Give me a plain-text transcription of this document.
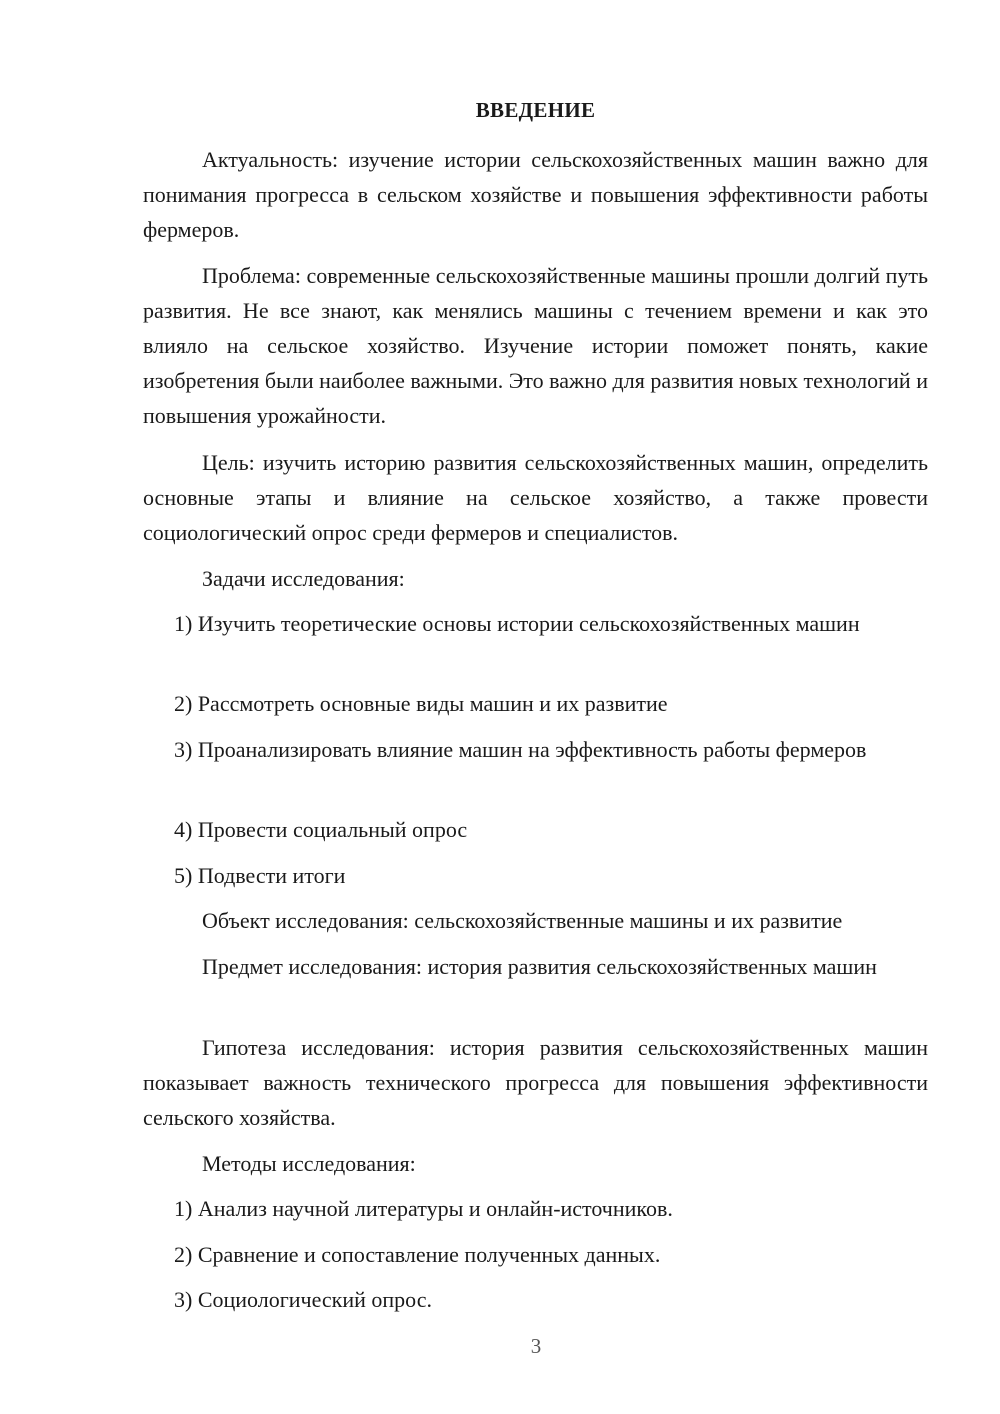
ВВЕДЕНИЕ

Актуальность: изучение истории сельскохозяйственных машин важно для понимания прогресса в сельском хозяйстве и повышения эффективности работы фермеров.

Проблема: современные сельскохозяйственные машины прошли долгий путь развития. Не все знают, как менялись машины с течением времени и как это влияло на сельское хозяйство. Изучение истории поможет понять, какие изобретения были наиболее важными. Это важно для развития новых технологий и повышения урожайности.

Цель: изучить историю развития сельскохозяйственных машин, определить основные этапы и влияние на сельское хозяйство, а также провести социологический опрос среди фермеров и специалистов.

Задачи исследования:

1) Изучить теоретические основы истории сельскохозяйственных машин

2) Рассмотреть основные виды машин и их развитие

3) Проанализировать влияние машин на эффективность работы фермеров

4) Провести социальный опрос

5) Подвести итоги

Объект исследования: сельскохозяйственные машины и их развитие

Предмет исследования: история развития сельскохозяйственных машин

Гипотеза исследования: история развития сельскохозяйственных машин показывает важность технического прогресса для повышения эффективности сельского хозяйства.

Методы исследования:

1) Анализ научной литературы и онлайн-источников.

2) Сравнение и сопоставление полученных данных.

3) Социологический опрос.

3
